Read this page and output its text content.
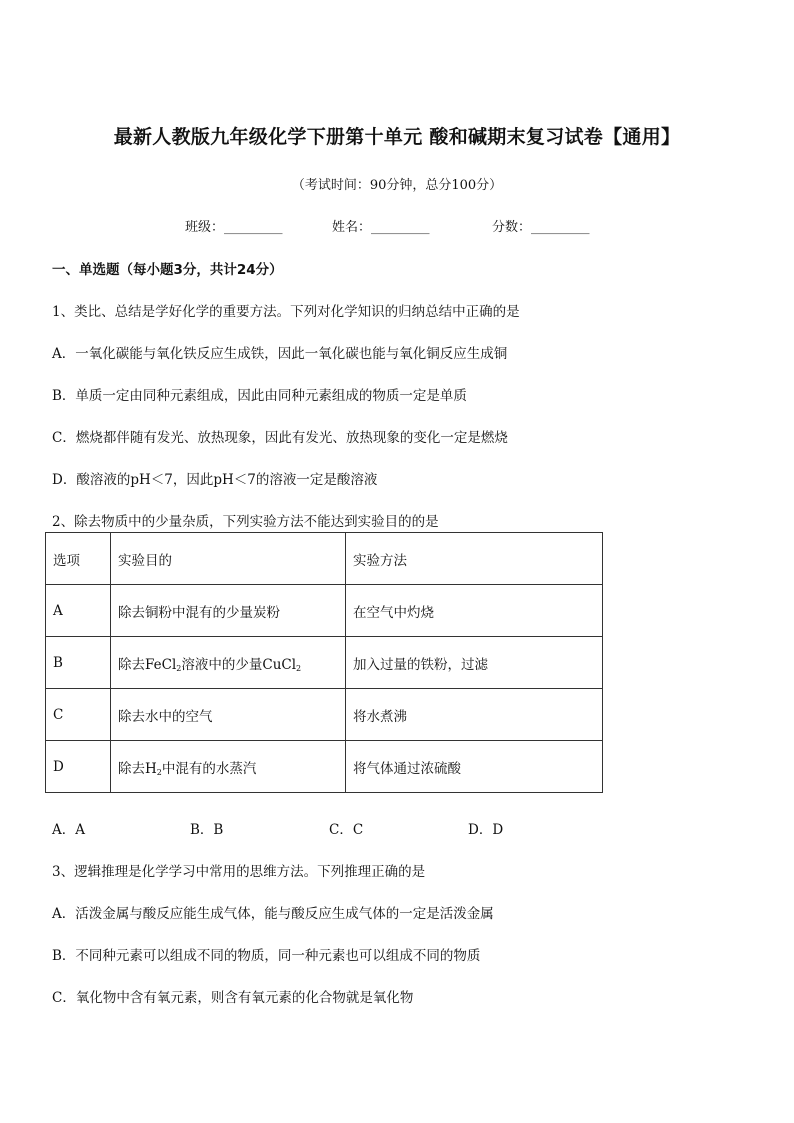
最新人教版九年级化学下册第十单元 酸和碱期末复习试卷【通用】
（考试时间：90分钟，总分100分）
班级：_________	姓名：_________	分数：_________
一、单选题（每小题3分，共计24分）
1、类比、总结是学好化学的重要方法。下列对化学知识的归纳总结中正确的是
A．一氧化碳能与氧化铁反应生成铁，因此一氧化碳也能与氧化铜反应生成铜
B．单质一定由同种元素组成，因此由同种元素组成的物质一定是单质
C．燃烧都伴随有发光、放热现象，因此有发光、放热现象的变化一定是燃烧
D．酸溶液的pH＜7，因此pH＜7的溶液一定是酸溶液
2、除去物质中的少量杂质，下列实验方法不能达到实验目的的是
选项	实验目的	实验方法
A	除去铜粉中混有的少量炭粉	在空气中灼烧
B	除去FeCl$_2$溶液中的少量CuCl$_2$	加入过量的铁粉，过滤
C	除去水中的空气	将水煮沸
D	除去$H_2$中混有的水蒸汽	将气体通过浓硫酸
A．A	B．B	C．C	D．D
3、逻辑推理是化学学习中常用的思维方法。下列推理正确的是
A．活泼金属与酸反应能生成气体，能与酸反应生成气体的一定是活泼金属
B．不同种元素可以组成不同的物质，同一种元素也可以组成不同的物质
C．氧化物中含有氧元素，则含有氧元素的化合物就是氧化物
